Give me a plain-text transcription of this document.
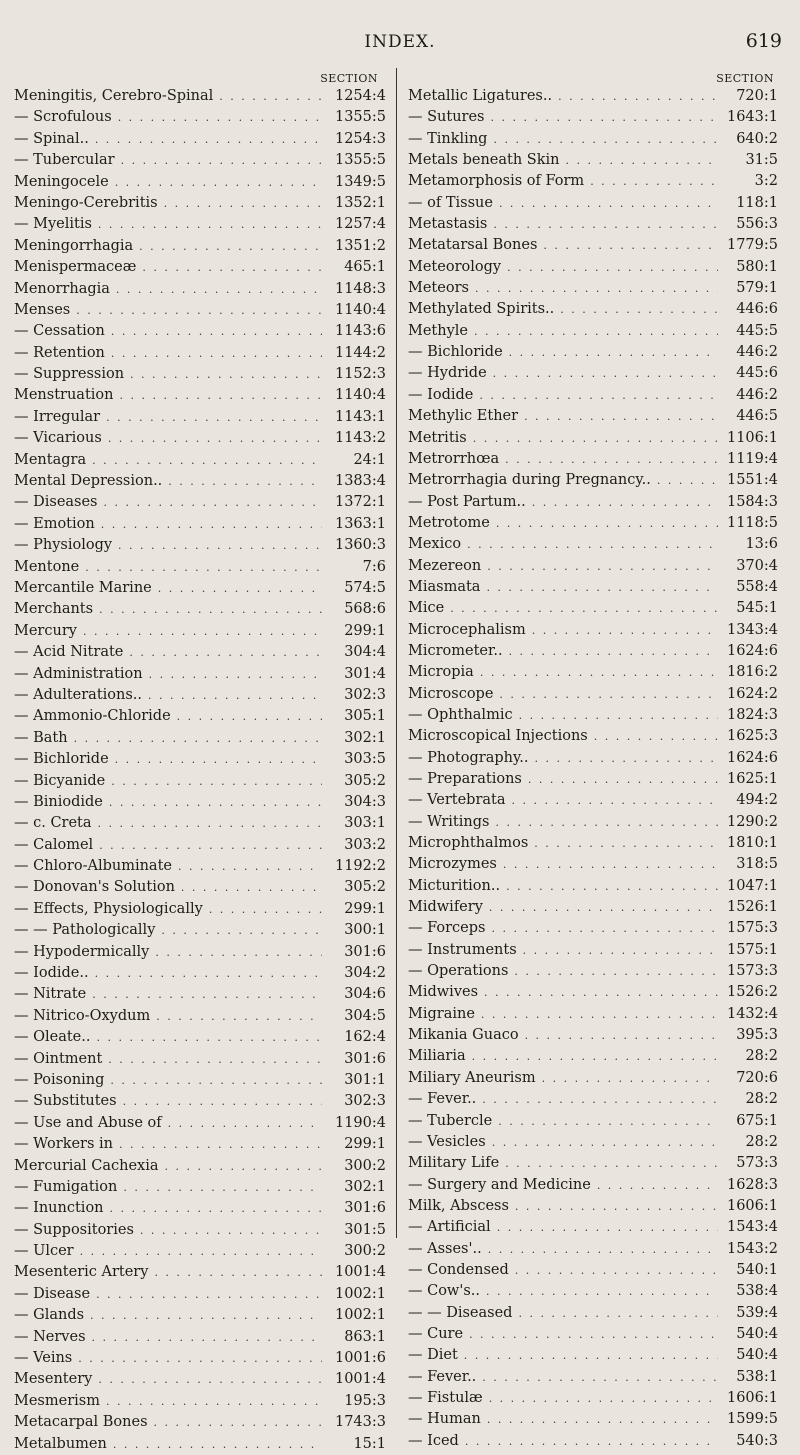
INDEX.	619
SECTION
Meningitis, Cerebro-Spinal . . .	1254:4
— Scrofulous . . .	1355:5
— Spinal.. . . .	1254:3
— Tubercular . . .	1355:5
Meningocele . . .	1349:5
Meningo-Cerebritis . . .	1352:1
— Myelitis . . .	1257:4
Meningorrhagia . . .	1351:2
Menispermaceæ . . .	465:1
Menorrhagia . . .	1148:3
Menses . . .	1140:4
— Cessation . . .	1143:6
— Retention . . .	1144:2
— Suppression . . .	1152:3
Menstruation . . .	1140:4
— Irregular . . .	1143:1
— Vicarious . . .	1143:2
Mentagra . . .	24:1
Mental Depression.. . . .	1383:4
— Diseases . . .	1372:1
— Emotion . . .	1363:1
— Physiology . . .	1360:3
Mentone . . .	7:6
Mercantile Marine . . .	574:5
Merchants . . .	568:6
Mercury . . .	299:1
— Acid Nitrate . . .	304:4
— Administration . . .	301:4
— Adulterations.. . . .	302:3
— Ammonio-Chloride . . .	305:1
— Bath . . .	302:1
— Bichloride . . .	303:5
— Bicyanide . . .	305:2
— Biniodide . . .	304:3
— c. Creta . . .	303:1
— Calomel . . .	303:2
— Chloro-Albuminate . . .	1192:2
— Donovan's Solution . . .	305:2
— Effects, Physiologically . . .	299:1
— — Pathologically . . .	300:1
— Hypodermically . . .	301:6
— Iodide.. . . .	304:2
— Nitrate . . .	304:6
— Nitrico-Oxydum . . .	304:5
— Oleate.. . . .	162:4
— Ointment . . .	301:6
— Poisoning . . .	301:1
— Substitutes . . .	302:3
— Use and Abuse of . . .	1190:4
— Workers in . . .	299:1
Mercurial Cachexia . . .	300:2
— Fumigation . . .	302:1
— Inunction . . .	301:6
— Suppositories . . .	301:5
— Ulcer . . .	300:2
Mesenteric Artery . . .	1001:4
— Disease . . .	1002:1
— Glands . . .	1002:1
— Nerves . . .	863:1
— Veins . . .	1001:6
Mesentery . . .	1001:4
Mesmerism . . .	195:3
Metacarpal Bones . . .	1743:3
Metalbumen . . .	15:1
SECTION
Metallic Ligatures.. . . .	720:1
— Sutures . . .	1643:1
— Tinkling . . .	640:2
Metals beneath Skin . . .	31:5
Metamorphosis of Form . . .	3:2
— of Tissue . . .	118:1
Metastasis . . .	556:3
Metatarsal Bones . . .	1779:5
Meteorology . . .	580:1
Meteors . . .	579:1
Methylated Spirits.. . . .	446:6
Methyle . . .	445:5
— Bichloride . . .	446:2
— Hydride . . .	445:6
— Iodide . . .	446:2
Methylic Ether . . .	446:5
Metritis . . .	1106:1
Metrorrhœa . . .	1119:4
Metrorrhagia during Pregnancy.. . . .	1551:4
— Post Partum.. . . .	1584:3
Metrotome . . .	1118:5
Mexico . . .	13:6
Mezereon . . .	370:4
Miasmata . . .	558:4
Mice . . .	545:1
Microcephalism . . .	1343:4
Micrometer.. . . .	1624:6
Micropia . . .	1816:2
Microscope . . .	1624:2
— Ophthalmic . . .	1824:3
Microscopical Injections . . .	1625:3
— Photography.. . . .	1624:6
— Preparations . . .	1625:1
— Vertebrata . . .	494:2
— Writings . . .	1290:2
Microphthalmos . . .	1810:1
Microzymes . . .	318:5
Micturition.. . . .	1047:1
Midwifery . . .	1526:1
— Forceps . . .	1575:3
— Instruments . . .	1575:1
— Operations . . .	1573:3
Midwives . . .	1526:2
Migraine . . .	1432:4
Mikania Guaco . . .	395:3
Miliaria . . .	28:2
Miliary Aneurism . . .	720:6
— Fever.. . . .	28:2
— Tubercle . . .	675:1
— Vesicles . . .	28:2
Military Life . . .	573:3
— Surgery and Medicine . . .	1628:3
Milk, Abscess . . .	1606:1
— Artificial . . .	1543:4
— Asses'.. . . .	1543:2
— Condensed . . .	540:1
— Cow's.. . . .	538:4
— — Diseased . . .	539:4
— Cure . . .	540:4
— Diet . . .	540:4
— Fever.. . . .	538:1
— Fistulæ . . .	1606:1
— Human . . .	1599:5
— Iced . . .	540:3
